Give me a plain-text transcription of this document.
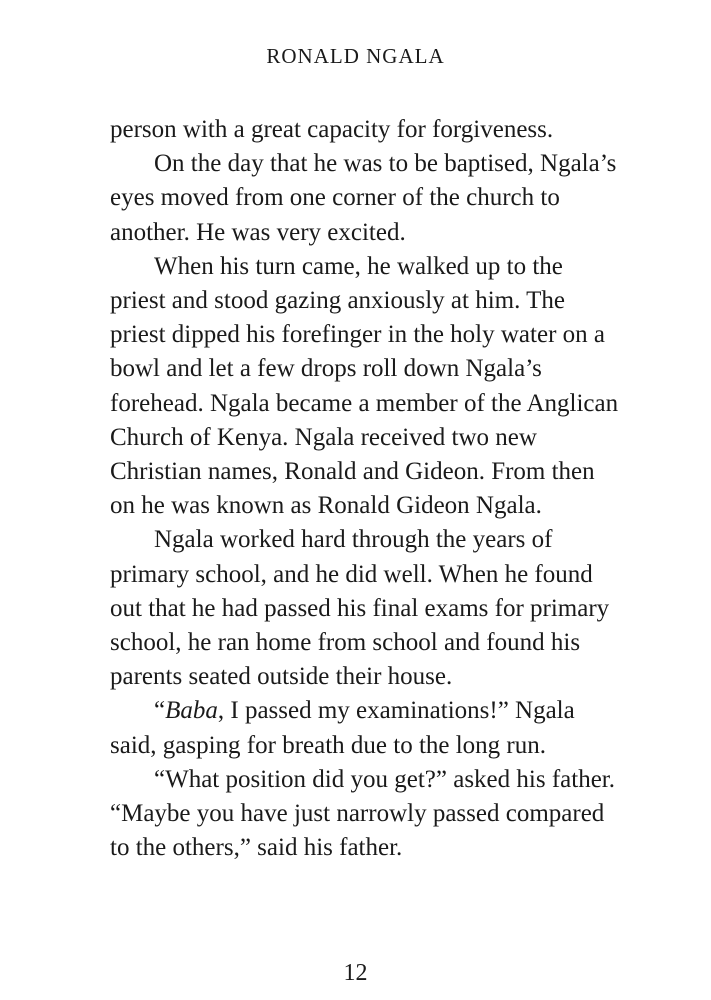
RONALD NGALA

person with a great capacity for forgiveness.

On the day that he was to be baptised, Ngala’s eyes moved from one corner of the church to another. He was very excited.

When his turn came, he walked up to the priest and stood gazing anxiously at him. The priest dipped his forefinger in the holy water on a bowl and let a few drops roll down Ngala’s forehead. Ngala became a member of the Anglican Church of Kenya. Ngala received two new Christian names, Ronald and Gideon. From then on he was known as Ronald Gideon Ngala.

Ngala worked hard through the years of primary school, and he did well. When he found out that he had passed his final exams for primary school, he ran home from school and found his parents seated outside their house.

“Baba, I passed my examinations!” Ngala said, gasping for breath due to the long run.

“What position did you get?” asked his father. “Maybe you have just narrowly passed compared to the others,” said his father.

12
